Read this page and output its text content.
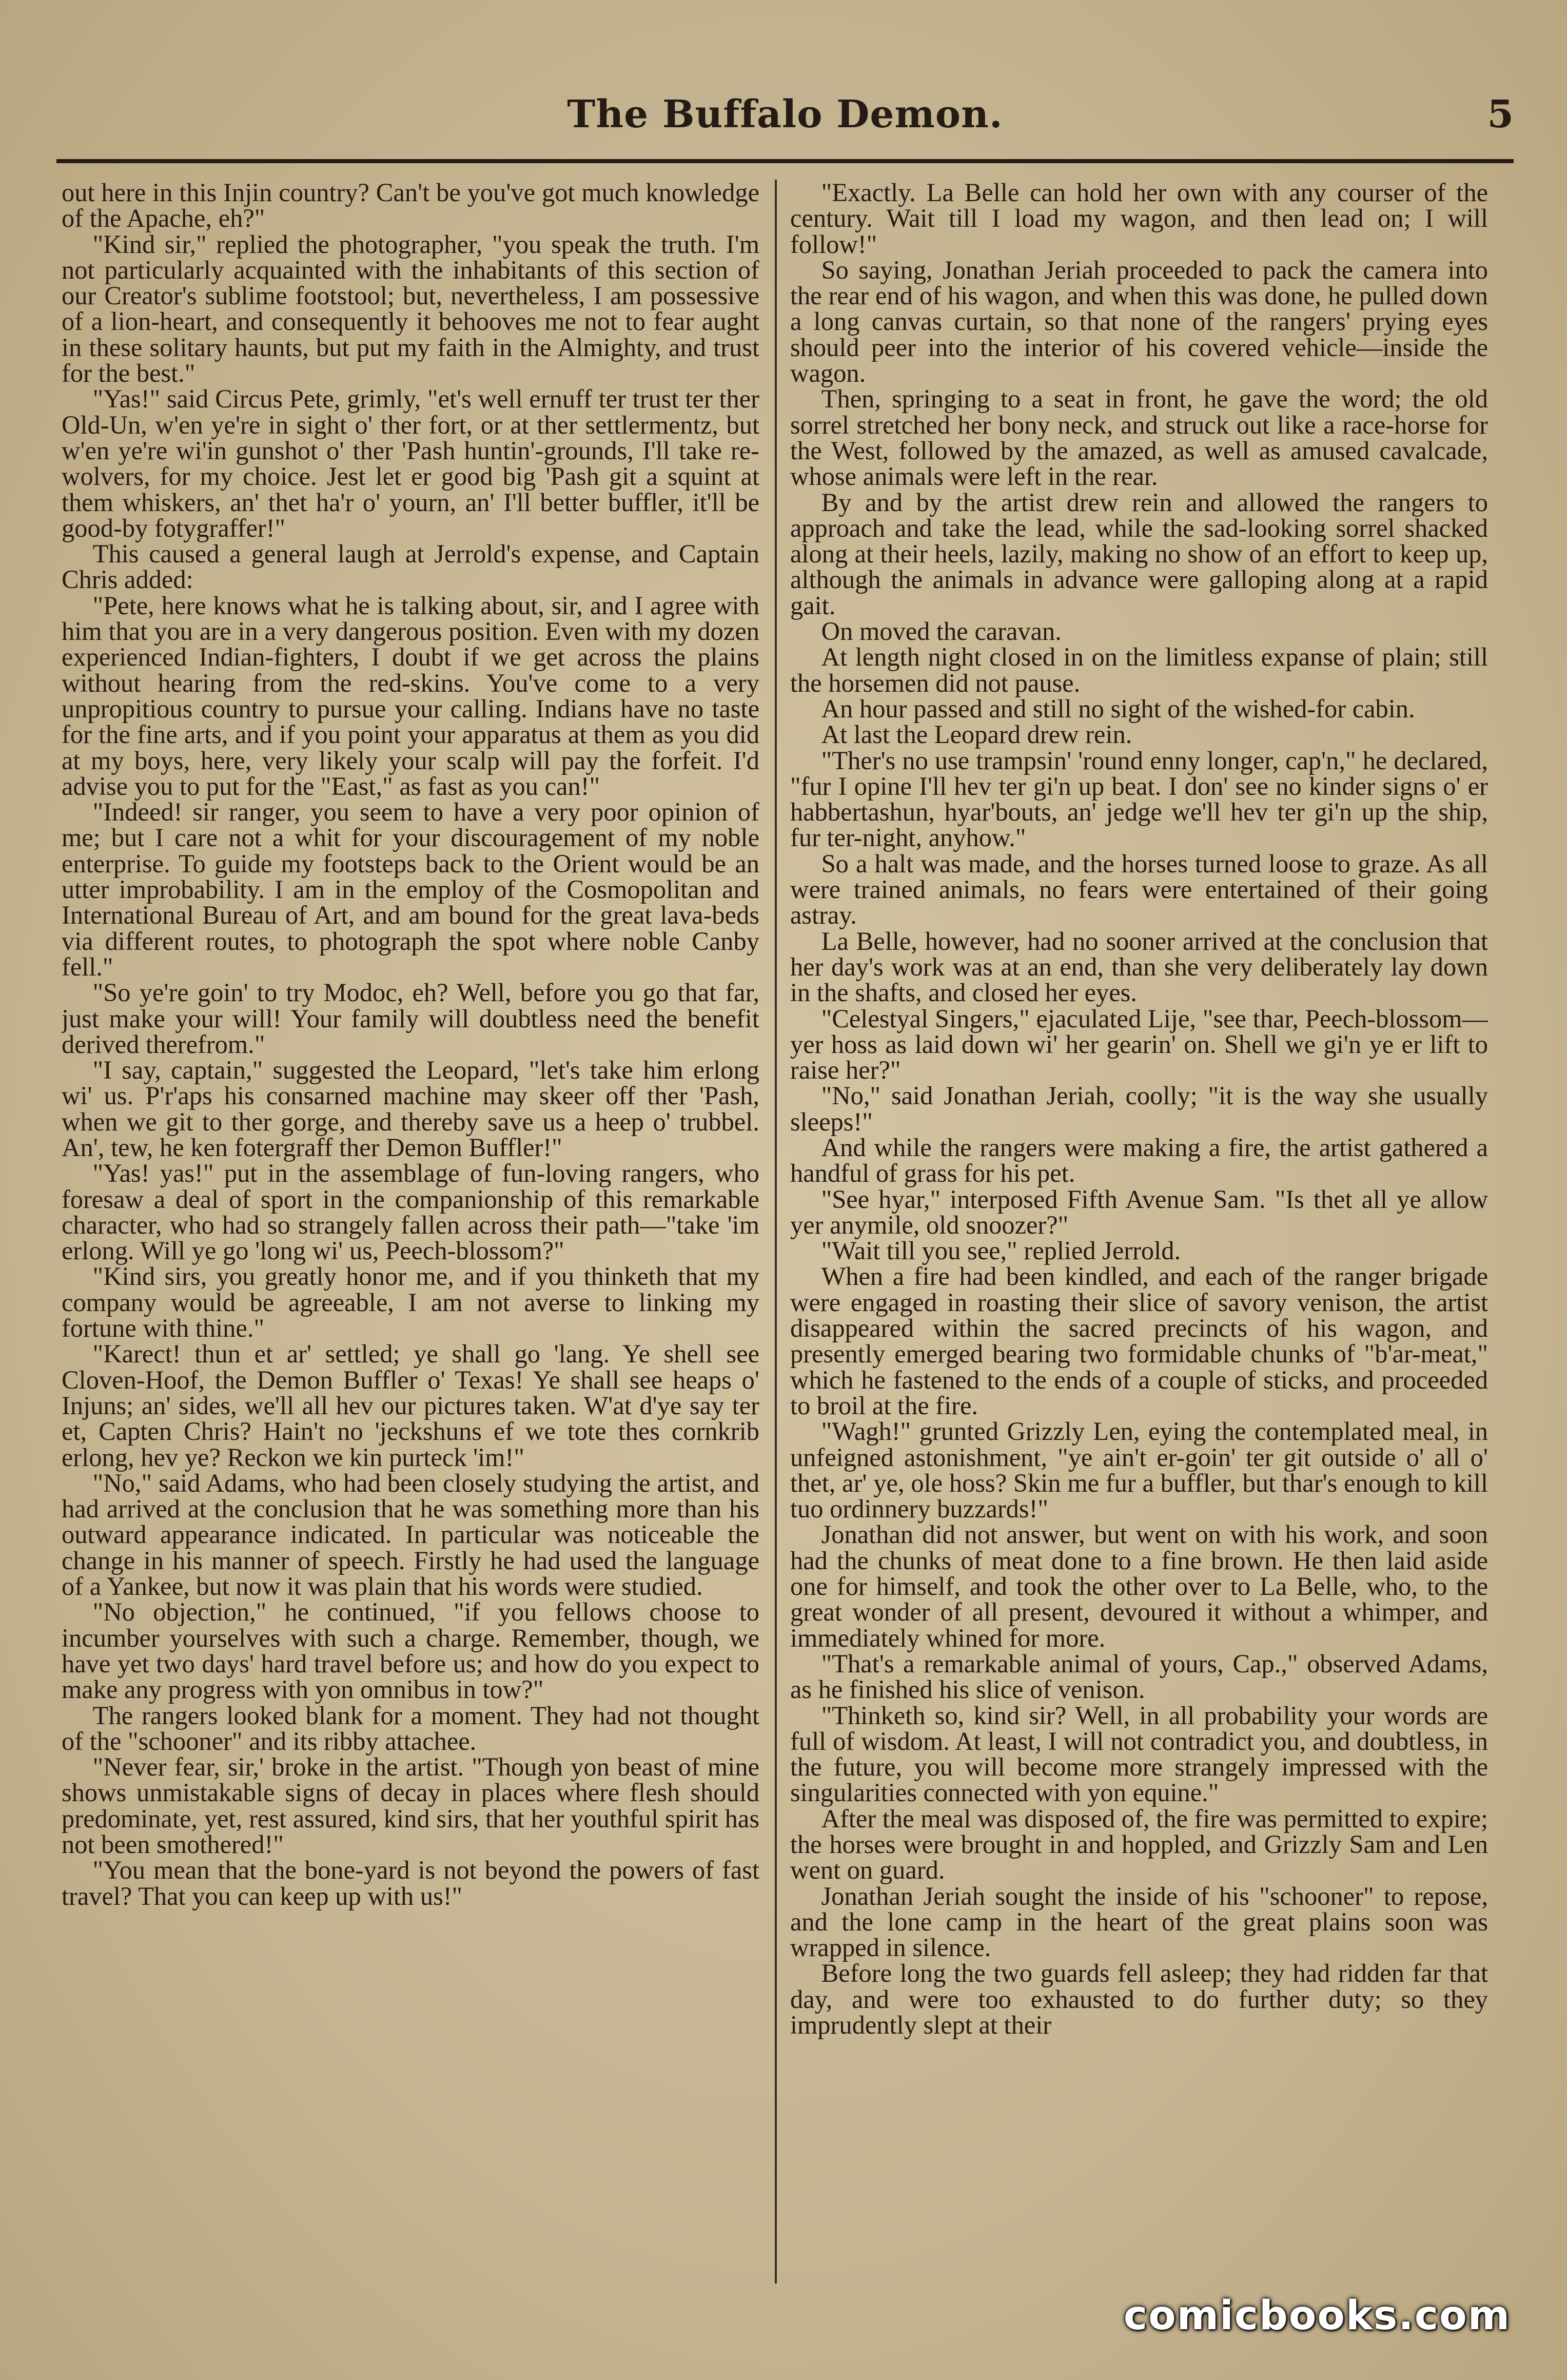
The Buffalo Demon.	5

out here in this Injin country? Can't be you've got much knowledge of the Apache, eh?"

"Kind sir," replied the photographer, "you speak the truth. I'm not particularly acquainted with the inhabitants of this section of our Creator's sublime footstool; but, nevertheless, I am possessive of a lion-heart, and consequently it behooves me not to fear aught in these solitary haunts, but put my faith in the Almighty, and trust for the best."

"Yas!" said Circus Pete, grimly, "et's well ernuff ter trust ter ther Old-Un, w'en ye're in sight o' ther fort, or at ther settlermentz, but w'en ye're wi'in gunshot o' ther 'Pash huntin'-grounds, I'll take re-wolvers, for my choice. Jest let er good big 'Pash git a squint at them whiskers, an' thet ha'r o' yourn, an' I'll better buffler, it'll be good-by fotygraffer!"

This caused a general laugh at Jerrold's expense, and Captain Chris added:

"Pete, here knows what he is talking about, sir, and I agree with him that you are in a very dangerous position. Even with my dozen experienced Indian-fighters, I doubt if we get across the plains without hearing from the red-skins. You've come to a very unpropitious country to pursue your calling. Indians have no taste for the fine arts, and if you point your apparatus at them as you did at my boys, here, very likely your scalp will pay the forfeit. I'd advise you to put for the "East," as fast as you can!"

"Indeed! sir ranger, you seem to have a very poor opinion of me; but I care not a whit for your discouragement of my noble enterprise. To guide my footsteps back to the Orient would be an utter improbability. I am in the employ of the Cosmopolitan and International Bureau of Art, and am bound for the great lava-beds via different routes, to photograph the spot where noble Canby fell."

"So ye're goin' to try Modoc, eh? Well, before you go that far, just make your will! Your family will doubtless need the benefit derived therefrom."

"I say, captain," suggested the Leopard, "let's take him erlong wi' us. P'r'aps his consarned machine may skeer off ther 'Pash, when we git to ther gorge, and thereby save us a heep o' trubbel. An', tew, he ken fotergraff ther Demon Buffler!"

"Yas! yas!" put in the assemblage of fun-loving rangers, who foresaw a deal of sport in the companionship of this remarkable character, who had so strangely fallen across their path—"take 'im erlong. Will ye go 'long wi' us, Peech-blossom?"

"Kind sirs, you greatly honor me, and if you thinketh that my company would be agreeable, I am not averse to linking my fortune with thine."

"Karect! thun et ar' settled; ye shall go 'lang. Ye shell see Cloven-Hoof, the Demon Buffler o' Texas! Ye shall see heaps o' Injuns; an' sides, we'll all hev our pictures taken. W'at d'ye say ter et, Capten Chris? Hain't no 'jeckshuns ef we tote thes cornkrib erlong, hev ye? Reckon we kin purteck 'im!"

"No," said Adams, who had been closely studying the artist, and had arrived at the conclusion that he was something more than his outward appearance indicated. In particular was noticeable the change in his manner of speech. Firstly he had used the language of a Yankee, but now it was plain that his words were studied.

"No objection," he continued, "if you fellows choose to incumber yourselves with such a charge. Remember, though, we have yet two days' hard travel before us; and how do you expect to make any progress with yon omnibus in tow?"

The rangers looked blank for a moment. They had not thought of the "schooner" and its ribby attachee.

"Never fear, sir,' broke in the artist. "Though yon beast of mine shows unmistakable signs of decay in places where flesh should predominate, yet, rest assured, kind sirs, that her youthful spirit has not been smothered!"

"You mean that the bone-yard is not beyond the powers of fast travel? That you can keep up with us!"

"Exactly. La Belle can hold her own with any courser of the century. Wait till I load my wagon, and then lead on; I will follow!"

So saying, Jonathan Jeriah proceeded to pack the camera into the rear end of his wagon, and when this was done, he pulled down a long canvas curtain, so that none of the rangers' prying eyes should peer into the interior of his covered vehicle—inside the wagon.

Then, springing to a seat in front, he gave the word; the old sorrel stretched her bony neck, and struck out like a race-horse for the West, followed by the amazed, as well as amused cavalcade, whose animals were left in the rear.

By and by the artist drew rein and allowed the rangers to approach and take the lead, while the sad-looking sorrel shacked along at their heels, lazily, making no show of an effort to keep up, although the animals in advance were galloping along at a rapid gait.

On moved the caravan.

At length night closed in on the limitless expanse of plain; still the horsemen did not pause.

An hour passed and still no sight of the wished-for cabin.

At last the Leopard drew rein.

"Ther's no use trampsin' 'round enny longer, cap'n," he declared, "fur I opine I'll hev ter gi'n up beat. I don' see no kinder signs o' er habbertashun, hyar'bouts, an' jedge we'll hev ter gi'n up the ship, fur ter-night, anyhow."

So a halt was made, and the horses turned loose to graze. As all were trained animals, no fears were entertained of their going astray.

La Belle, however, had no sooner arrived at the conclusion that her day's work was at an end, than she very deliberately lay down in the shafts, and closed her eyes.

"Celestyal Singers," ejaculated Lije, "see thar, Peech-blossom—yer hoss as laid down wi' her gearin' on. Shell we gi'n ye er lift to raise her?"

"No," said Jonathan Jeriah, coolly; "it is the way she usually sleeps!"

And while the rangers were making a fire, the artist gathered a handful of grass for his pet.

"See hyar," interposed Fifth Avenue Sam. "Is thet all ye allow yer anymile, old snoozer?"

"Wait till you see," replied Jerrold.

When a fire had been kindled, and each of the ranger brigade were engaged in roasting their slice of savory venison, the artist disappeared within the sacred precincts of his wagon, and presently emerged bearing two formidable chunks of "b'ar-meat," which he fastened to the ends of a couple of sticks, and proceeded to broil at the fire.

"Wagh!" grunted Grizzly Len, eying the contemplated meal, in unfeigned astonishment, "ye ain't er-goin' ter git outside o' all o' thet, ar' ye, ole hoss? Skin me fur a buffler, but thar's enough to kill tuo ordinnery buzzards!"

Jonathan did not answer, but went on with his work, and soon had the chunks of meat done to a fine brown. He then laid aside one for himself, and took the other over to La Belle, who, to the great wonder of all present, devoured it without a whimper, and immediately whined for more.

"That's a remarkable animal of yours, Cap.," observed Adams, as he finished his slice of venison.

"Thinketh so, kind sir? Well, in all probability your words are full of wisdom. At least, I will not contradict you, and doubtless, in the future, you will become more strangely impressed with the singularities connected with yon equine."

After the meal was disposed of, the fire was permitted to expire; the horses were brought in and hoppled, and Grizzly Sam and Len went on guard.

Jonathan Jeriah sought the inside of his "schooner" to repose, and the lone camp in the heart of the great plains soon was wrapped in silence.

Before long the two guards fell asleep; they had ridden far that day, and were too exhausted to do further duty; so they imprudently slept at their

comicbooks.com
